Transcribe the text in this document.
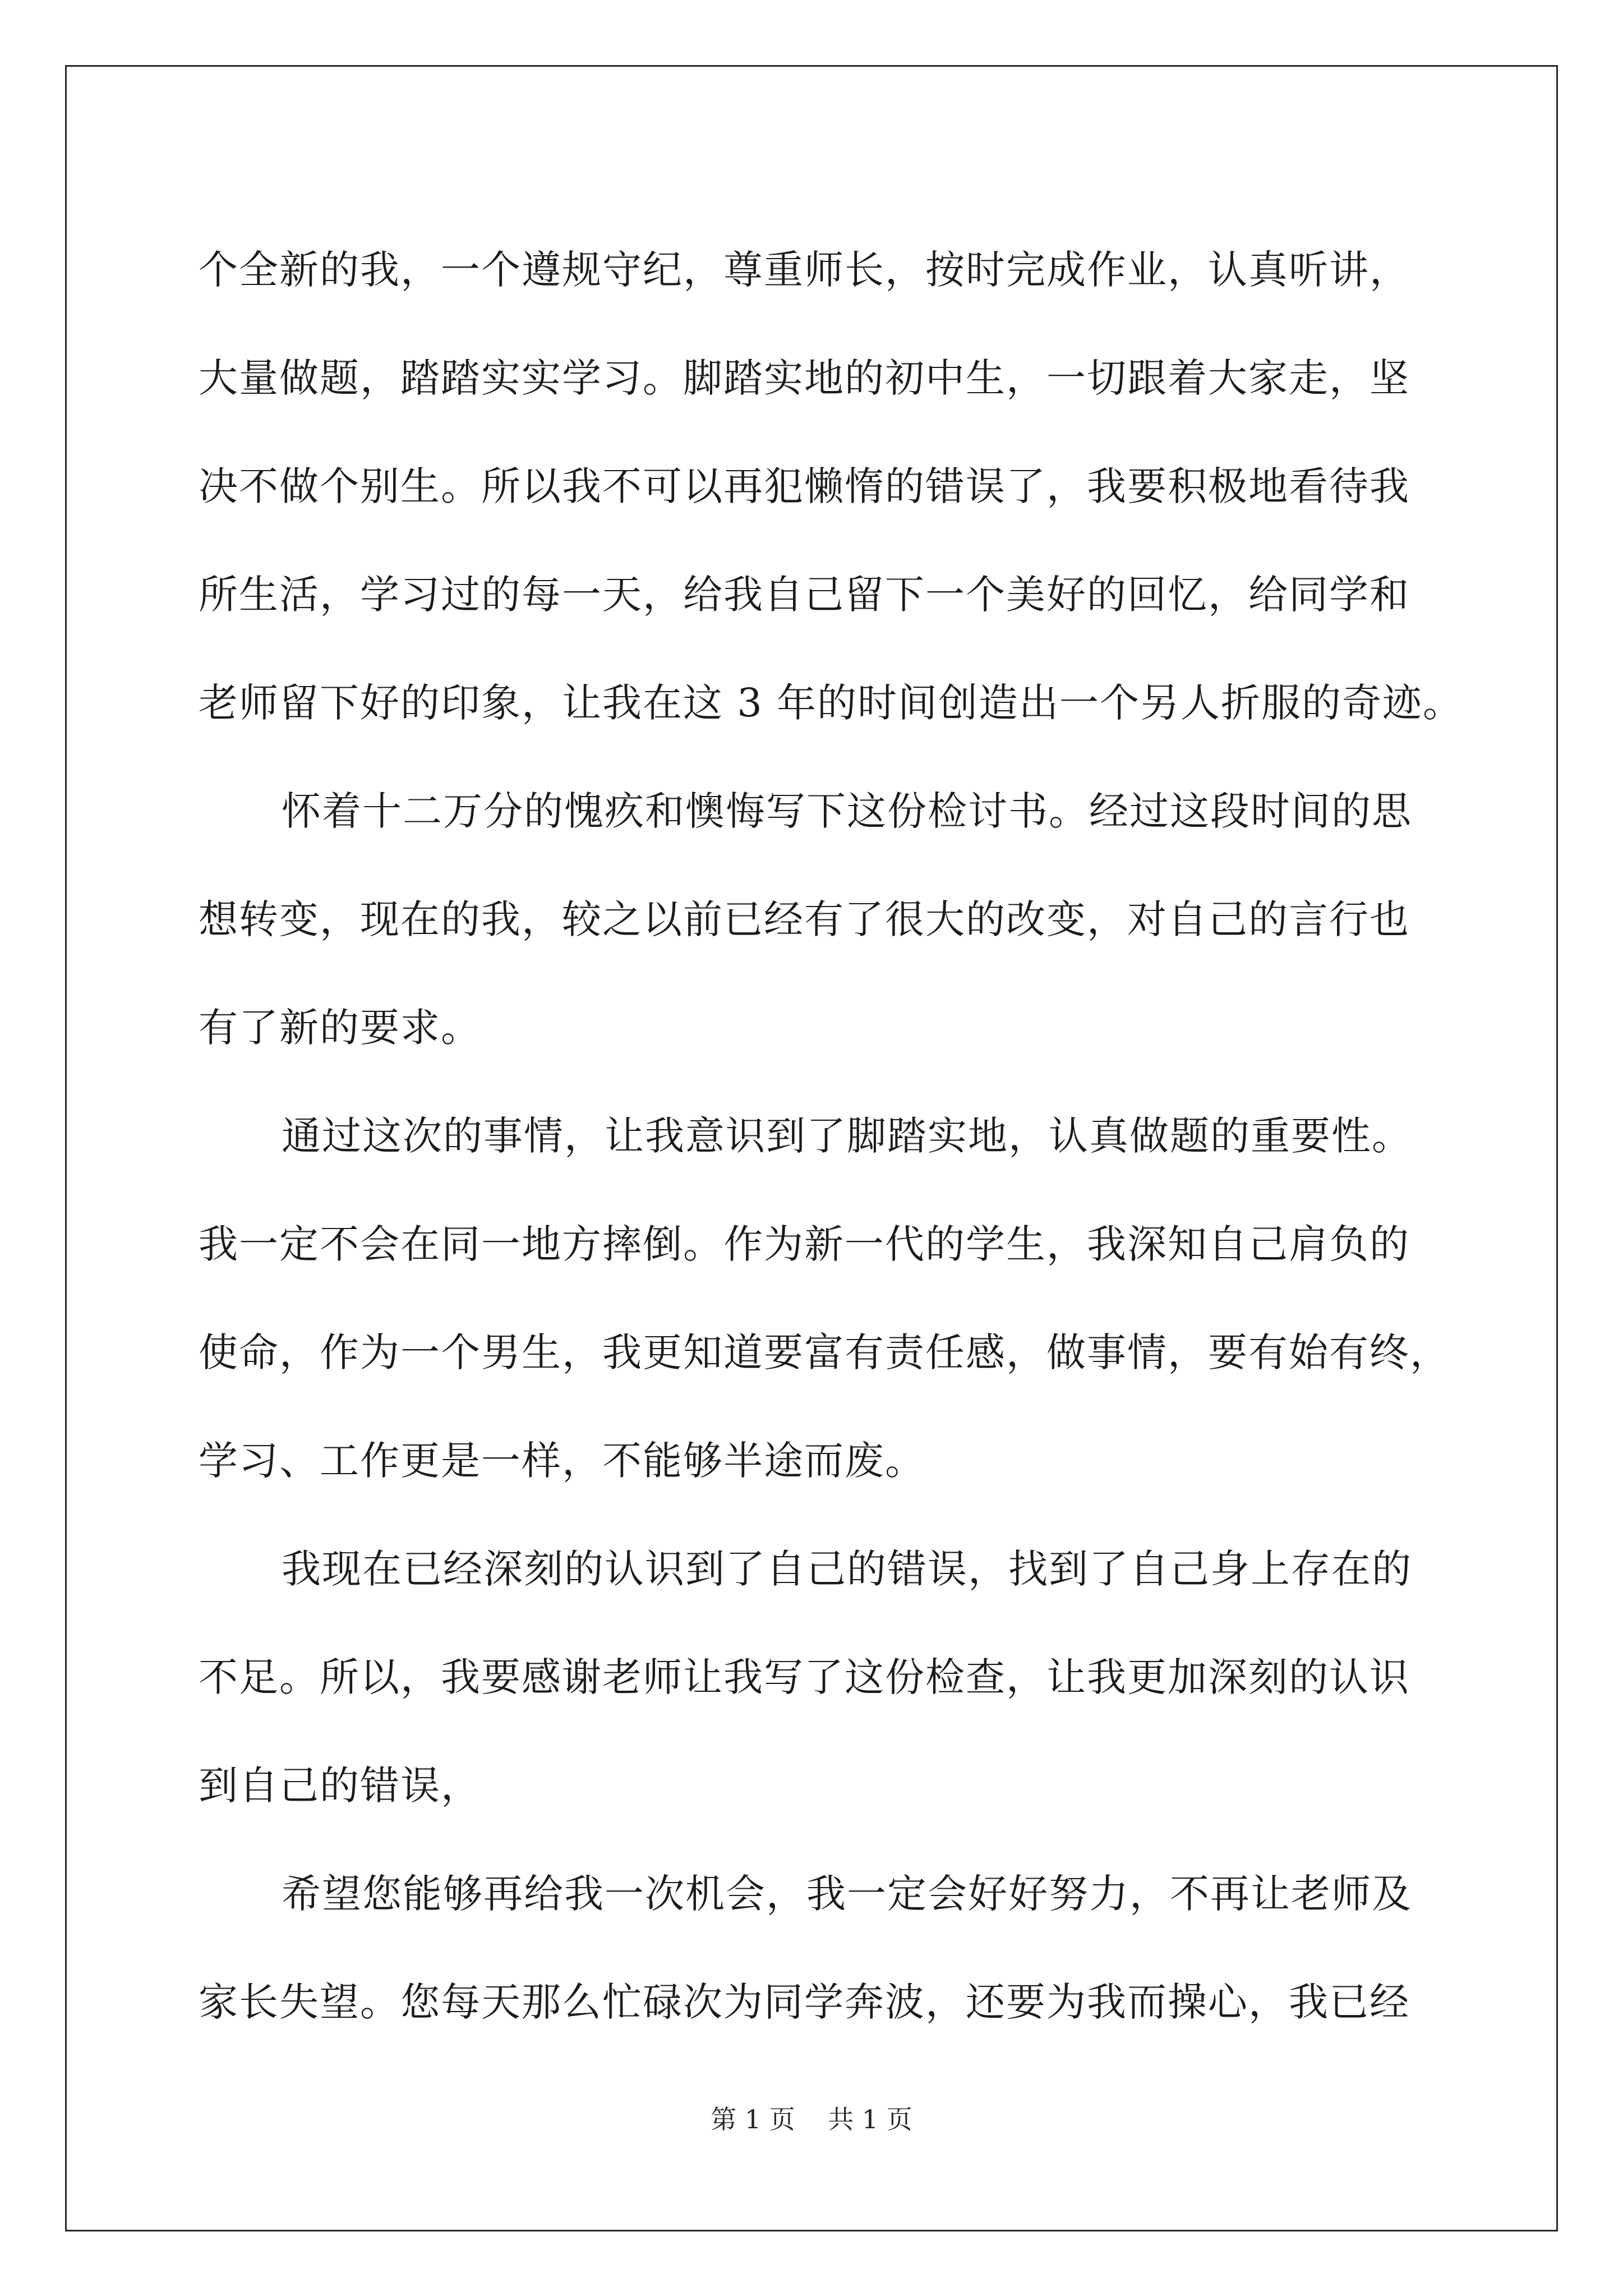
个全新的我，一个遵规守纪，尊重师长，按时完成作业，认真听讲，
大量做题，踏踏实实学习。脚踏实地的初中生，一切跟着大家走，坚
决不做个别生。所以我不可以再犯懒惰的错误了，我要积极地看待我
所生活，学习过的每一天，给我自己留下一个美好的回忆，给同学和
老师留下好的印象，让我在这 3 年的时间创造出一个另人折服的奇迹。
怀着十二万分的愧疚和懊悔写下这份检讨书。经过这段时间的思
想转变，现在的我，较之以前已经有了很大的改变，对自己的言行也
有了新的要求。
通过这次的事情，让我意识到了脚踏实地，认真做题的重要性。
我一定不会在同一地方摔倒。作为新一代的学生，我深知自己肩负的
使命，作为一个男生，我更知道要富有责任感，做事情，要有始有终，
学习、工作更是一样，不能够半途而废。
我现在已经深刻的认识到了自己的错误，找到了自己身上存在的
不足。所以，我要感谢老师让我写了这份检查，让我更加深刻的认识
到自己的错误，
希望您能够再给我一次机会，我一定会好好努力，不再让老师及
家长失望。您每天那么忙碌次为同学奔波，还要为我而操心，我已经
第 1 页 共 1 页
